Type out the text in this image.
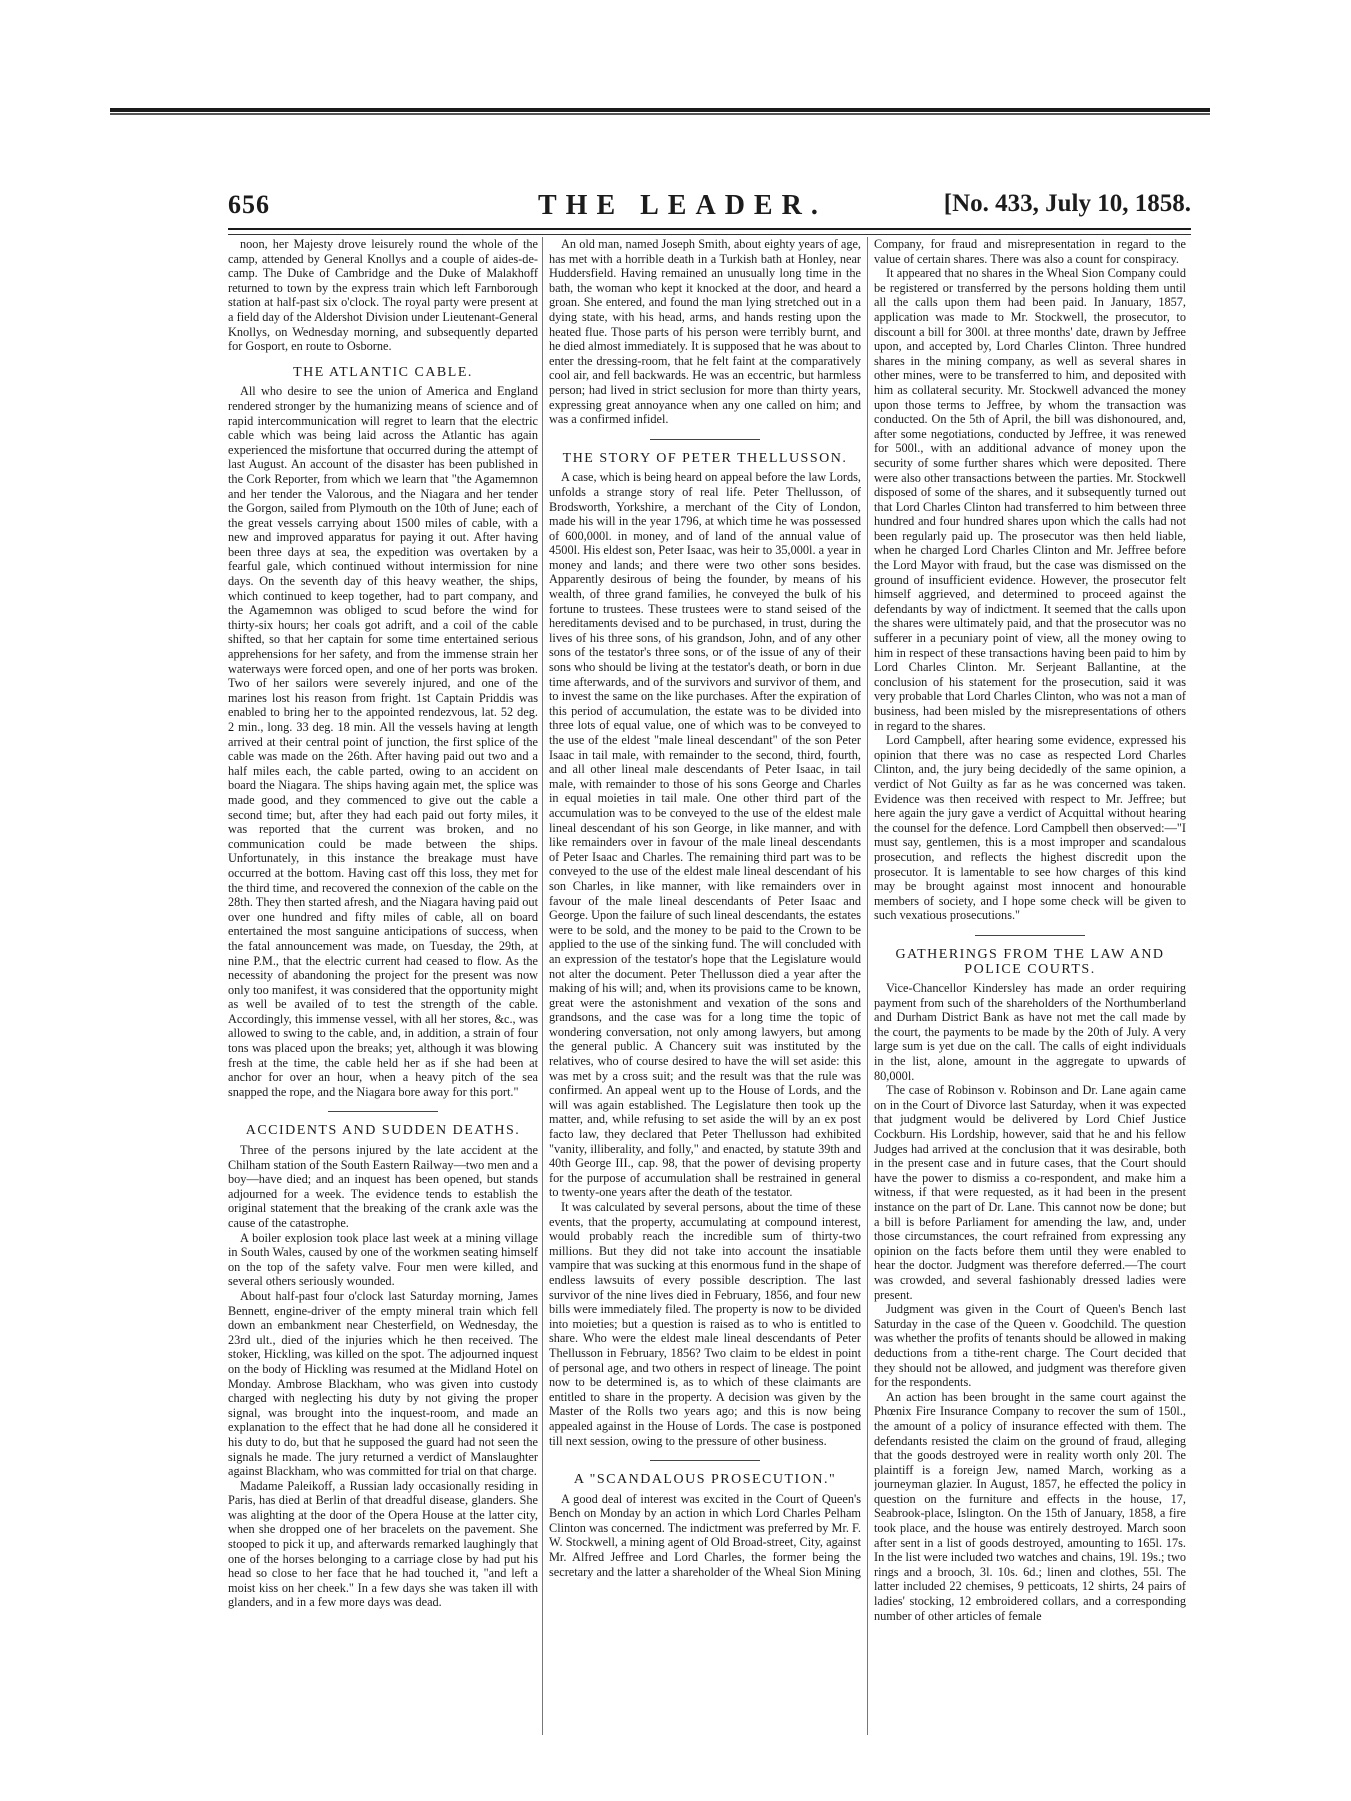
656	THE LEADER.	[No. 433, July 10, 1858.

noon, her Majesty drove leisurely round the whole of the camp, attended by General Knollys and a couple of aides-de-camp. The Duke of Cambridge and the Duke of Malakhoff returned to town by the express train which left Farnborough station at half-past six o'clock. The royal party were present at a field day of the Aldershot Division under Lieutenant-General Knollys, on Wednesday morning, and subsequently departed for Gosport, en route to Osborne.

THE ATLANTIC CABLE.

All who desire to see the union of America and England rendered stronger by the humanizing means of science and of rapid intercommunication will regret to learn that the electric cable which was being laid across the Atlantic has again experienced the misfortune that occurred during the attempt of last August. An account of the disaster has been published in the Cork Reporter, from which we learn that "the Agamemnon and her tender the Valorous, and the Niagara and her tender the Gorgon, sailed from Plymouth on the 10th of June; each of the great vessels carrying about 1500 miles of cable, with a new and improved apparatus for paying it out. After having been three days at sea, the expedition was overtaken by a fearful gale, which continued without intermission for nine days. On the seventh day of this heavy weather, the ships, which continued to keep together, had to part company, and the Agamemnon was obliged to scud before the wind for thirty-six hours; her coals got adrift, and a coil of the cable shifted, so that her captain for some time entertained serious apprehensions for her safety, and from the immense strain her waterways were forced open, and one of her ports was broken. Two of her sailors were severely injured, and one of the marines lost his reason from fright. 1st Captain Priddis was enabled to bring her to the appointed rendezvous, lat. 52 deg. 2 min., long. 33 deg. 18 min. All the vessels having at length arrived at their central point of junction, the first splice of the cable was made on the 26th. After having paid out two and a half miles each, the cable parted, owing to an accident on board the Niagara. The ships having again met, the splice was made good, and they commenced to give out the cable a second time; but, after they had each paid out forty miles, it was reported that the current was broken, and no communication could be made between the ships. Unfortunately, in this instance the breakage must have occurred at the bottom. Having cast off this loss, they met for the third time, and recovered the connexion of the cable on the 28th. They then started afresh, and the Niagara having paid out over one hundred and fifty miles of cable, all on board entertained the most sanguine anticipations of success, when the fatal announcement was made, on Tuesday, the 29th, at nine P.M., that the electric current had ceased to flow. As the necessity of abandoning the project for the present was now only too manifest, it was considered that the opportunity might as well be availed of to test the strength of the cable. Accordingly, this immense vessel, with all her stores, &c., was allowed to swing to the cable, and, in addition, a strain of four tons was placed upon the breaks; yet, although it was blowing fresh at the time, the cable held her as if she had been at anchor for over an hour, when a heavy pitch of the sea snapped the rope, and the Niagara bore away for this port."

ACCIDENTS AND SUDDEN DEATHS.

Three of the persons injured by the late accident at the Chilham station of the South Eastern Railway—two men and a boy—have died; and an inquest has been opened, but stands adjourned for a week. The evidence tends to establish the original statement that the breaking of the crank axle was the cause of the catastrophe.

A boiler explosion took place last week at a mining village in South Wales, caused by one of the workmen seating himself on the top of the safety valve. Four men were killed, and several others seriously wounded.

About half-past four o'clock last Saturday morning, James Bennett, engine-driver of the empty mineral train which fell down an embankment near Chesterfield, on Wednesday, the 23rd ult., died of the injuries which he then received. The stoker, Hickling, was killed on the spot. The adjourned inquest on the body of Hickling was resumed at the Midland Hotel on Monday. Ambrose Blackham, who was given into custody charged with neglecting his duty by not giving the proper signal, was brought into the inquest-room, and made an explanation to the effect that he had done all he considered it his duty to do, but that he supposed the guard had not seen the signals he made. The jury returned a verdict of Manslaughter against Blackham, who was committed for trial on that charge.

Madame Paleikoff, a Russian lady occasionally residing in Paris, has died at Berlin of that dreadful disease, glanders. She was alighting at the door of the Opera House at the latter city, when she dropped one of her bracelets on the pavement. She stooped to pick it up, and afterwards remarked laughingly that one of the horses belonging to a carriage close by had put his head so close to her face that he had touched it, "and left a moist kiss on her cheek." In a few days she was taken ill with glanders, and in a few more days was dead.

An old man, named Joseph Smith, about eighty years of age, has met with a horrible death in a Turkish bath at Honley, near Huddersfield. Having remained an unusually long time in the bath, the woman who kept it knocked at the door, and heard a groan. She entered, and found the man lying stretched out in a dying state, with his head, arms, and hands resting upon the heated flue. Those parts of his person were terribly burnt, and he died almost immediately. It is supposed that he was about to enter the dressing-room, that he felt faint at the comparatively cool air, and fell backwards. He was an eccentric, but harmless person; had lived in strict seclusion for more than thirty years, expressing great annoyance when any one called on him; and was a confirmed infidel.

THE STORY OF PETER THELLUSSON.

A case, which is being heard on appeal before the law Lords, unfolds a strange story of real life. Peter Thellusson, of Brodsworth, Yorkshire, a merchant of the City of London, made his will in the year 1796, at which time he was possessed of 600,000l. in money, and of land of the annual value of 4500l. His eldest son, Peter Isaac, was heir to 35,000l. a year in money and lands; and there were two other sons besides. Apparently desirous of being the founder, by means of his wealth, of three grand families, he conveyed the bulk of his fortune to trustees. These trustees were to stand seised of the hereditaments devised and to be purchased, in trust, during the lives of his three sons, of his grandson, John, and of any other sons of the testator's three sons, or of the issue of any of their sons who should be living at the testator's death, or born in due time afterwards, and of the survivors and survivor of them, and to invest the same on the like purchases. After the expiration of this period of accumulation, the estate was to be divided into three lots of equal value, one of which was to be conveyed to the use of the eldest "male lineal descendant" of the son Peter Isaac in tail male, with remainder to the second, third, fourth, and all other lineal male descendants of Peter Isaac, in tail male, with remainder to those of his sons George and Charles in equal moieties in tail male. One other third part of the accumulation was to be conveyed to the use of the eldest male lineal descendant of his son George, in like manner, and with like remainders over in favour of the male lineal descendants of Peter Isaac and Charles. The remaining third part was to be conveyed to the use of the eldest male lineal descendant of his son Charles, in like manner, with like remainders over in favour of the male lineal descendants of Peter Isaac and George. Upon the failure of such lineal descendants, the estates were to be sold, and the money to be paid to the Crown to be applied to the use of the sinking fund. The will concluded with an expression of the testator's hope that the Legislature would not alter the document. Peter Thellusson died a year after the making of his will; and, when its provisions came to be known, great were the astonishment and vexation of the sons and grandsons, and the case was for a long time the topic of wondering conversation, not only among lawyers, but among the general public. A Chancery suit was instituted by the relatives, who of course desired to have the will set aside: this was met by a cross suit; and the result was that the rule was confirmed. An appeal went up to the House of Lords, and the will was again established. The Legislature then took up the matter, and, while refusing to set aside the will by an ex post facto law, they declared that Peter Thellusson had exhibited "vanity, illiberality, and folly," and enacted, by statute 39th and 40th George III., cap. 98, that the power of devising property for the purpose of accumulation shall be restrained in general to twenty-one years after the death of the testator.

It was calculated by several persons, about the time of these events, that the property, accumulating at compound interest, would probably reach the incredible sum of thirty-two millions. But they did not take into account the insatiable vampire that was sucking at this enormous fund in the shape of endless lawsuits of every possible description. The last survivor of the nine lives died in February, 1856, and four new bills were immediately filed. The property is now to be divided into moieties; but a question is raised as to who is entitled to share. Who were the eldest male lineal descendants of Peter Thellusson in February, 1856? Two claim to be eldest in point of personal age, and two others in respect of lineage. The point now to be determined is, as to which of these claimants are entitled to share in the property. A decision was given by the Master of the Rolls two years ago; and this is now being appealed against in the House of Lords. The case is postponed till next session, owing to the pressure of other business.

A "SCANDALOUS PROSECUTION."

A good deal of interest was excited in the Court of Queen's Bench on Monday by an action in which Lord Charles Pelham Clinton was concerned. The indictment was preferred by Mr. F. W. Stockwell, a mining agent of Old Broad-street, City, against Mr. Alfred Jeffree and Lord Charles, the former being the secretary and the latter a shareholder of the Wheal Sion Mining

Company, for fraud and misrepresentation in regard to the value of certain shares. There was also a count for conspiracy.

It appeared that no shares in the Wheal Sion Company could be registered or transferred by the persons holding them until all the calls upon them had been paid. In January, 1857, application was made to Mr. Stockwell, the prosecutor, to discount a bill for 300l. at three months' date, drawn by Jeffree upon, and accepted by, Lord Charles Clinton. Three hundred shares in the mining company, as well as several shares in other mines, were to be transferred to him, and deposited with him as collateral security. Mr. Stockwell advanced the money upon those terms to Jeffree, by whom the transaction was conducted. On the 5th of April, the bill was dishonoured, and, after some negotiations, conducted by Jeffree, it was renewed for 500l., with an additional advance of money upon the security of some further shares which were deposited. There were also other transactions between the parties. Mr. Stockwell disposed of some of the shares, and it subsequently turned out that Lord Charles Clinton had transferred to him between three hundred and four hundred shares upon which the calls had not been regularly paid up. The prosecutor was then held liable, when he charged Lord Charles Clinton and Mr. Jeffree before the Lord Mayor with fraud, but the case was dismissed on the ground of insufficient evidence. However, the prosecutor felt himself aggrieved, and determined to proceed against the defendants by way of indictment. It seemed that the calls upon the shares were ultimately paid, and that the prosecutor was no sufferer in a pecuniary point of view, all the money owing to him in respect of these transactions having been paid to him by Lord Charles Clinton. Mr. Serjeant Ballantine, at the conclusion of his statement for the prosecution, said it was very probable that Lord Charles Clinton, who was not a man of business, had been misled by the misrepresentations of others in regard to the shares.

Lord Campbell, after hearing some evidence, expressed his opinion that there was no case as respected Lord Charles Clinton, and, the jury being decidedly of the same opinion, a verdict of Not Guilty as far as he was concerned was taken. Evidence was then received with respect to Mr. Jeffree; but here again the jury gave a verdict of Acquittal without hearing the counsel for the defence. Lord Campbell then observed:—"I must say, gentlemen, this is a most improper and scandalous prosecution, and reflects the highest discredit upon the prosecutor. It is lamentable to see how charges of this kind may be brought against most innocent and honourable members of society, and I hope some check will be given to such vexatious prosecutions."

GATHERINGS FROM THE LAW AND POLICE COURTS.

Vice-Chancellor Kindersley has made an order requiring payment from such of the shareholders of the Northumberland and Durham District Bank as have not met the call made by the court, the payments to be made by the 20th of July. A very large sum is yet due on the call. The calls of eight individuals in the list, alone, amount in the aggregate to upwards of 80,000l.

The case of Robinson v. Robinson and Dr. Lane again came on in the Court of Divorce last Saturday, when it was expected that judgment would be delivered by Lord Chief Justice Cockburn. His Lordship, however, said that he and his fellow Judges had arrived at the conclusion that it was desirable, both in the present case and in future cases, that the Court should have the power to dismiss a co-respondent, and make him a witness, if that were requested, as it had been in the present instance on the part of Dr. Lane. This cannot now be done; but a bill is before Parliament for amending the law, and, under those circumstances, the court refrained from expressing any opinion on the facts before them until they were enabled to hear the doctor. Judgment was therefore deferred.—The court was crowded, and several fashionably dressed ladies were present.

Judgment was given in the Court of Queen's Bench last Saturday in the case of the Queen v. Goodchild. The question was whether the profits of tenants should be allowed in making deductions from a tithe-rent charge. The Court decided that they should not be allowed, and judgment was therefore given for the respondents.

An action has been brought in the same court against the Phœnix Fire Insurance Company to recover the sum of 150l., the amount of a policy of insurance effected with them. The defendants resisted the claim on the ground of fraud, alleging that the goods destroyed were in reality worth only 20l. The plaintiff is a foreign Jew, named March, working as a journeyman glazier. In August, 1857, he effected the policy in question on the furniture and effects in the house, 17, Seabrook-place, Islington. On the 15th of January, 1858, a fire took place, and the house was entirely destroyed. March soon after sent in a list of goods destroyed, amounting to 165l. 17s. In the list were included two watches and chains, 19l. 19s.; two rings and a brooch, 3l. 10s. 6d.; linen and clothes, 55l. The latter included 22 chemises, 9 petticoats, 12 shirts, 24 pairs of ladies' stocking, 12 embroidered collars, and a corresponding number of other articles of female
